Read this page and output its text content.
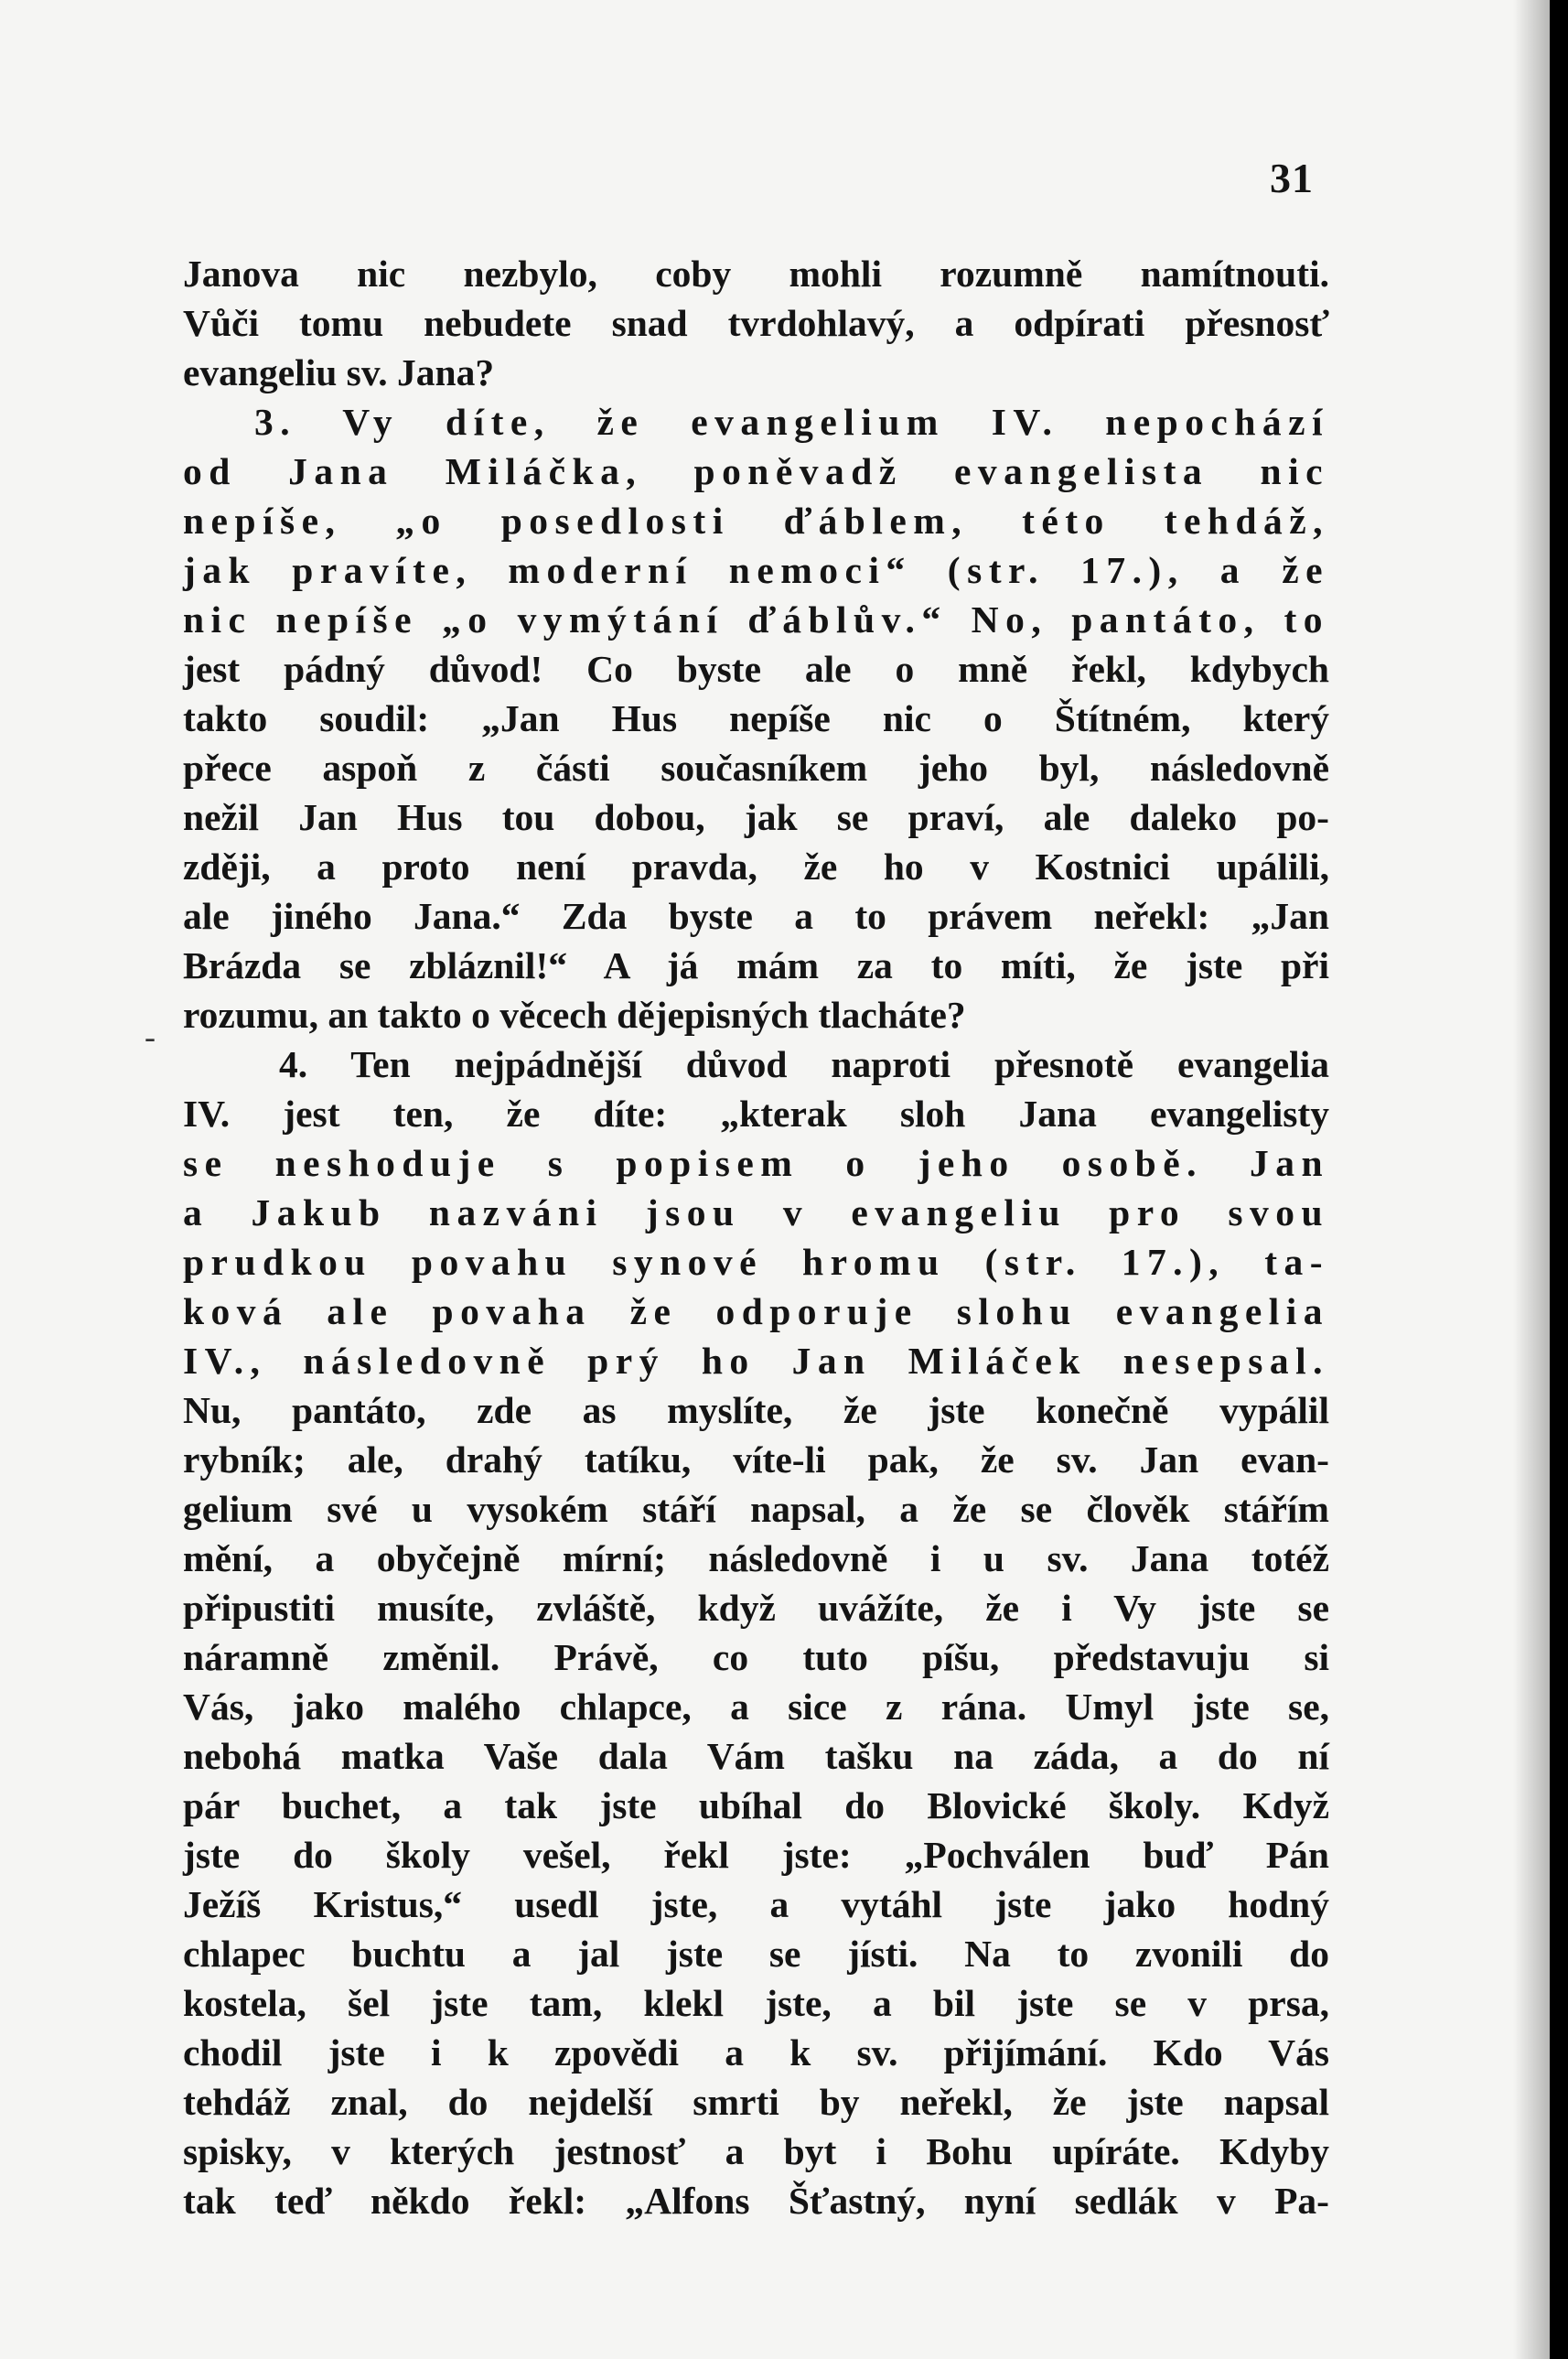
31
-
Janova nic nezbylo, coby mohli rozumně namítnouti.
Vůči tomu nebudete snad tvrdohlavý, a odpírati přesnosť
evangeliu sv. Jana?
3. Vy díte, že evangelium IV. nepochází
od Jana Miláčka, poněvadž evangelista nic
nepíše, „o posedlosti ďáblem, této tehdáž,
jak pravíte, moderní nemoci“ (str. 17.), a že
nic nepíše „o vymýtání ďáblův.“ No, pantáto, to
jest pádný důvod! Co byste ale o mně řekl, kdybych
takto soudil: „Jan Hus nepíše nic o Štítném, který
přece aspoň z části současníkem jeho byl, následovně
nežil Jan Hus tou dobou, jak se praví, ale daleko po-
zději, a proto není pravda, že ho v Kostnici upálili,
ale jiného Jana.“ Zda byste a to právem neřekl: „Jan
Brázda se zbláznil!“ A já mám za to míti, že jste při
rozumu, an takto o věcech dějepisných tlacháte?
4. Ten nejpádnější důvod naproti přesnotě evangelia
IV. jest ten, že díte: „kterak sloh Jana evangelisty
se neshoduje s popisem o jeho osobě. Jan
a Jakub nazváni jsou v evangeliu pro svou
prudkou povahu synové hromu (str. 17.), ta-
ková ale povaha že odporuje slohu evangelia
IV., následovně prý ho Jan Miláček nesepsal.
Nu, pantáto, zde as myslíte, že jste konečně vypálil
rybník; ale, drahý tatíku, víte-li pak, že sv. Jan evan-
gelium své u vysokém stáří napsal, a že se člověk stářím
mění, a obyčejně mírní; následovně i u sv. Jana totéž
připustiti musíte, zvláště, když uvážíte, že i Vy jste se
náramně změnil. Právě, co tuto píšu, představuju si
Vás, jako malého chlapce, a sice z rána. Umyl jste se,
nebohá matka Vaše dala Vám tašku na záda, a do ní
pár buchet, a tak jste ubíhal do Blovické školy. Když
jste do školy vešel, řekl jste: „Pochválen buď Pán
Ježíš Kristus,“ usedl jste, a vytáhl jste jako hodný
chlapec buchtu a jal jste se jísti. Na to zvonili do
kostela, šel jste tam, klekl jste, a bil jste se v prsa,
chodil jste i k zpovědi a k sv. přijímání. Kdo Vás
tehdáž znal, do nejdelší smrti by neřekl, že jste napsal
spisky, v kterých jestnosť a byt i Bohu upíráte. Kdyby
tak teď někdo řekl: „Alfons Šťastný, nyní sedlák v Pa-
